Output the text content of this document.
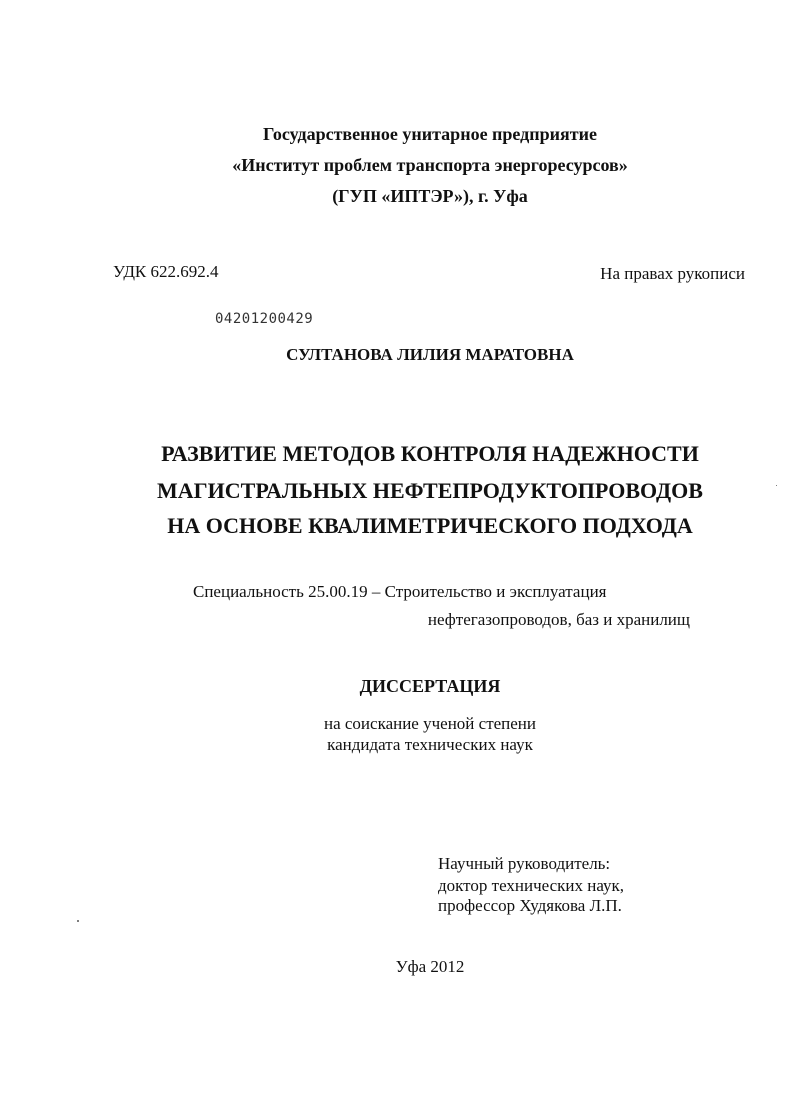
Государственное унитарное предприятие
«Институт проблем транспорта энергоресурсов»
(ГУП «ИПТЭР»), г. Уфа
УДК 622.692.4	На правах рукописи
04201200429
СУЛТАНОВА ЛИЛИЯ МАРАТОВНА
РАЗВИТИЕ МЕТОДОВ КОНТРОЛЯ НАДЕЖНОСТИ
МАГИСТРАЛЬНЫХ НЕФТЕПРОДУКТОПРОВОДОВ
НА ОСНОВЕ КВАЛИМЕТРИЧЕСКОГО ПОДХОДА
Специальность 25.00.19 – Строительство и эксплуатация
нефтегазопроводов, баз и хранилищ
ДИССЕРТАЦИЯ
на соискание ученой степени
кандидата технических наук
Научный руководитель:
доктор технических наук,
профессор Худякова Л.П.
Уфа 2012
